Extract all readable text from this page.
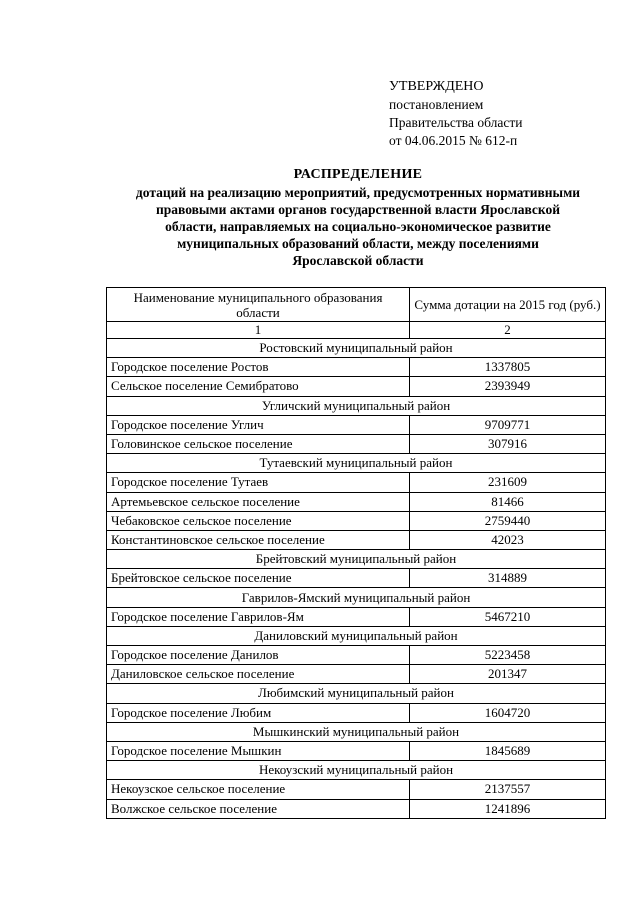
УТВЕРЖДЕНО
постановлением
Правительства области
от 04.06.2015 № 612-п
РАСПРЕДЕЛЕНИЕ
дотаций на реализацию мероприятий, предусмотренных нормативными
правовыми актами органов государственной власти Ярославской
области, направляемых на социально-экономическое развитие
муниципальных образований области, между поселениями
Ярославской области
Наименование муниципального образования области	Сумма дотации на 2015 год (руб.)
1	2
Ростовский муниципальный район	
Городское поселение Ростов	1337805
Сельское поселение Семибратово	2393949
Угличский муниципальный район	
Городское поселение Углич	9709771
Головинское сельское поселение	307916
Тутаевский муниципальный район	
Городское поселение Тутаев	231609
Артемьевское сельское поселение	81466
Чебаковское сельское поселение	2759440
Константиновское сельское поселение	42023
Брейтовский муниципальный район	
Брейтовское сельское поселение	314889
Гаврилов-Ямский муниципальный район	
Городское поселение Гаврилов-Ям	5467210
Даниловский муниципальный район	
Городское поселение Данилов	5223458
Даниловское сельское поселение	201347
Любимский муниципальный район	
Городское поселение Любим	1604720
Мышкинский муниципальный район	
Городское поселение Мышкин	1845689
Некоузский муниципальный район	
Некоузское сельское поселение	2137557
Волжское сельское поселение	1241896
